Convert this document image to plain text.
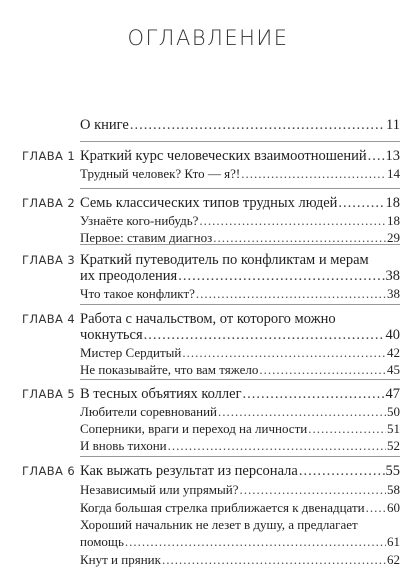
ОГЛАВЛЕНИЕ
О книге .....	11
ГЛАВА 1 Краткий курс человеческих взаимоотношений ..... 13
Трудный человек? Кто — я?! .....	14
ГЛАВА 2 Семь классических типов трудных людей .....	18
Узнаёте кого-нибудь? .....	18
Первое: ставим диагноз .....	29
ГЛАВА 3 Краткий путеводитель по конфликтам и мерам
их преодоления .....	38
Что такое конфликт? .....	38
ГЛАВА 4 Работа с начальством, от которого можно
чокнуться .....	40
Мистер Сердитый .....	42
Не показывайте, что вам тяжело .....	45
ГЛАВА 5 В тесных объятиях коллег .....	47
Любители соревнований .....	50
Соперники, враги и переход на личности .....	51
И вновь тихони .....	52
ГЛАВА 6 Как выжать результат из персонала .....	55
Независимый или упрямый? .....	58
Когда большая стрелка приближается к двенадцати ..... 60
Хороший начальник не лезет в душу, а предлагает
помощь .....	61
Кнут и пряник .....	62
